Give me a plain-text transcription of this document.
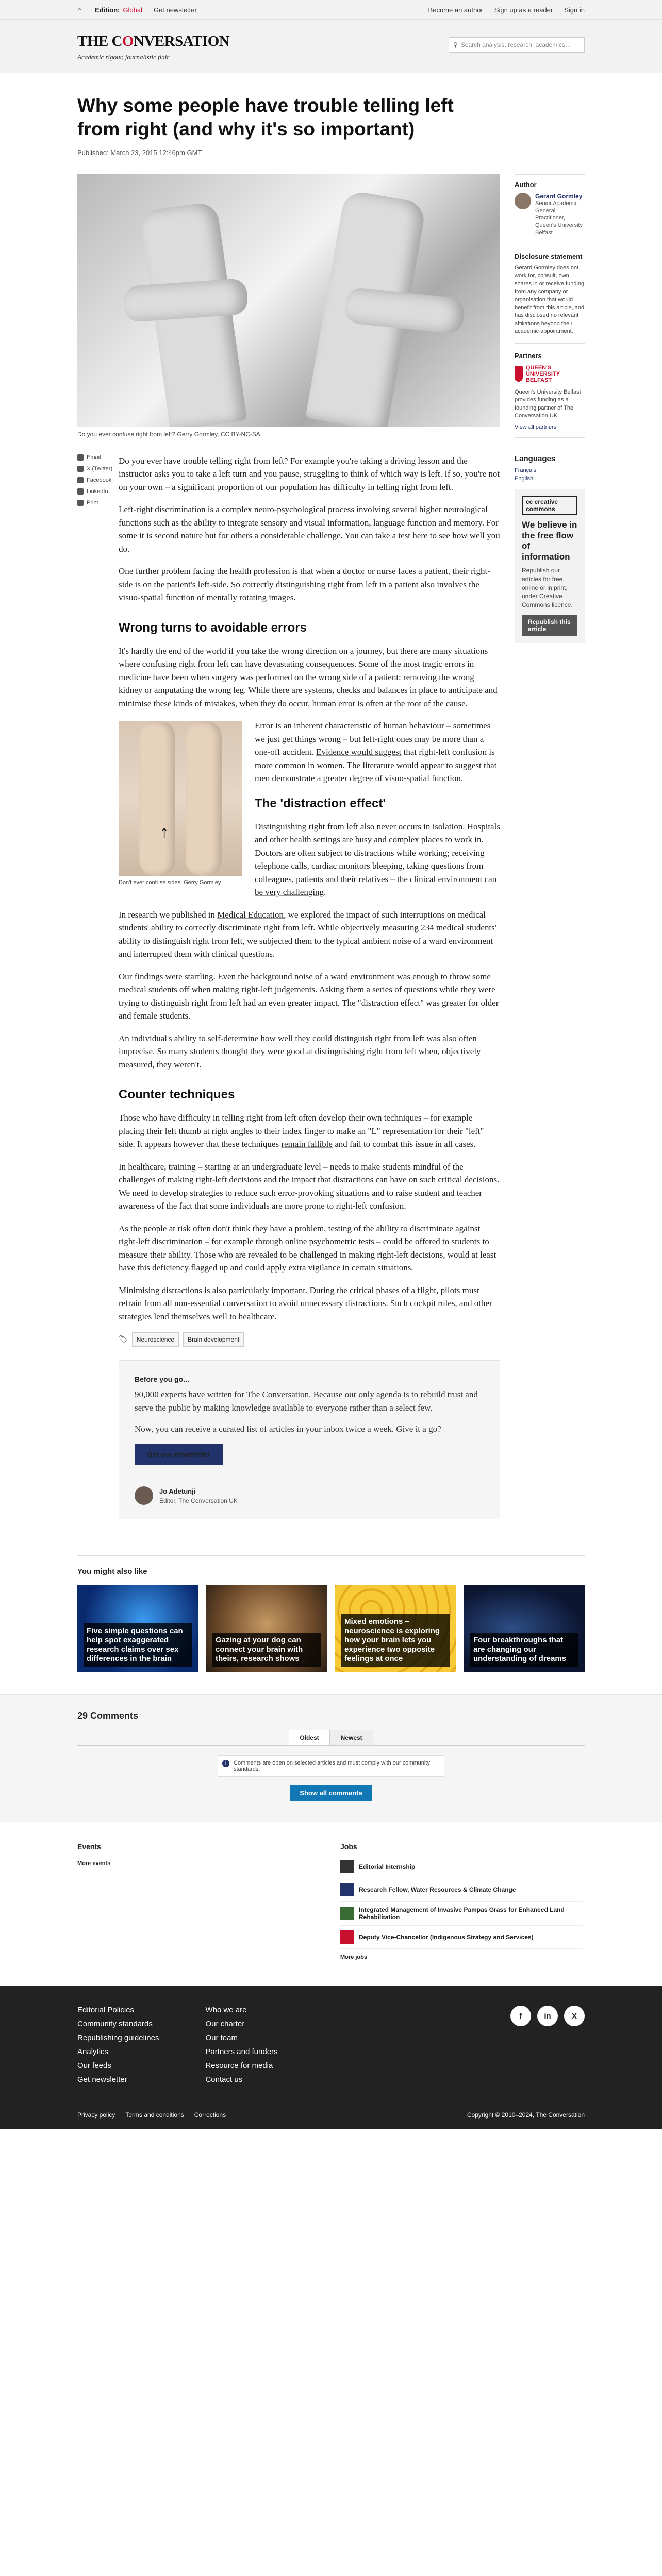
⌂	Edition: Global Get newsletter	Become an author Sign up as a reader Sign in
THE CONVERSATION
Academic rigour, journalistic flair
⚲ Search analysis, research, academics…
Why some people have trouble telling left from right (and why it's so important)
Published: March 23, 2015 12:46pm GMT
Do you ever confuse right from left? Gerry Gormley, CC BY-NC-SA
Email
X (Twitter)
Facebook
LinkedIn
Print

Do you ever have trouble telling right from left? For example you're taking a driving lesson and the instructor asks you to take a left turn and you pause, struggling to think of which way is left. If so, you're not on your own – a significant proportion of our population has difficulty in telling right from left.

Left-right discrimination is a complex neuro-psychological process involving several higher neurological functions such as the ability to integrate sensory and visual information, language function and memory. For some it is second nature but for others a considerable challenge. You can take a test here to see how well you do.

One further problem facing the health profession is that when a doctor or nurse faces a patient, their right-side is on the patient's left-side. So correctly distinguishing right from left in a patient also involves the visuo-spatial function of mentally rotating images.

Wrong turns to avoidable errors

It's hardly the end of the world if you take the wrong direction on a journey, but there are many situations where confusing right from left can have devastating consequences. Some of the most tragic errors in medicine have been when surgery was performed on the wrong side of a patient: removing the wrong kidney or amputating the wrong leg. While there are systems, checks and balances in place to anticipate and minimise these kinds of mistakes, when they do occur, human error is often at the root of the cause.

↑
Don't ever confuse sides. Gerry Gormley

Error is an inherent characteristic of human behaviour – sometimes we just get things wrong – but left-right ones may be more than a one-off accident. Evidence would suggest that right-left confusion is more common in women. The literature would appear to suggest that men demonstrate a greater degree of visuo-spatial function.

The 'distraction effect'

Distinguishing right from left also never occurs in isolation. Hospitals and other health settings are busy and complex places to work in. Doctors are often subject to distractions while working; receiving telephone calls, cardiac monitors bleeping, taking questions from colleagues, patients and their relatives – the clinical environment can be very challenging.

In research we published in Medical Education, we explored the impact of such interruptions on medical students' ability to correctly discriminate right from left. While objectively measuring 234 medical students' ability to distinguish right from left, we subjected them to the typical ambient noise of a ward environment and interrupted them with clinical questions.

Our findings were startling. Even the background noise of a ward environment was enough to throw some medical students off when making right-left judgements. Asking them a series of questions while they were trying to distinguish right from left had an even greater impact. The "distraction effect" was greater for older and female students.

An individual's ability to self-determine how well they could distinguish right from left was also often imprecise. So many students thought they were good at distinguishing right from left when, objectively measured, they weren't.

Counter techniques

Those who have difficulty in telling right from left often develop their own techniques – for example placing their left thumb at right angles to their index finger to make an "L" representation for their "left" side. It appears however that these techniques remain fallible and fail to combat this issue in all cases.

In healthcare, training – starting at an undergraduate level – needs to make students mindful of the challenges of making right-left decisions and the impact that distractions can have on such critical decisions. We need to develop strategies to reduce such error-provoking situations and to raise student and teacher awareness of the fact that some individuals are more prone to right-left confusion.

As the people at risk often don't think they have a problem, testing of the ability to discriminate against right-left discrimination – for example through online psychometric tests – could be offered to students to measure their ability. Those who are revealed to be challenged in making right-left decisions, would at least have this deficiency flagged up and could apply extra vigilance in certain situations.

Minimising distractions is also particularly important. During the critical phases of a flight, pilots must refrain from all non-essential conversation to avoid unnecessary distractions. Such cockpit rules, and other strategies lend themselves well to healthcare.

🏷	Neuroscience	Brain development
Before you go...

90,000 experts have written for The Conversation. Because our only agenda is to rebuild trust and serve the public by making knowledge available to everyone rather than a select few.

Now, you can receive a curated list of articles in your inbox twice a week. Give it a go?

Get our newsletter
Jo Adetunji
Editor, The Conversation UK
Author
Gerard Gormley
Senior Academic General Practitioner, Queen's University Belfast
Disclosure statement
Gerard Gormley does not work for, consult, own shares in or receive funding from any company or organisation that would benefit from this article, and has disclosed no relevant affiliations beyond their academic appointment.
Partners
QUEEN'S UNIVERSITY BELFAST
Queen's University Belfast provides funding as a founding partner of The Conversation UK.
View all partners
Languages
Français
English
cc creative commons
We believe in the free flow of information
Republish our articles for free, online or in print, under Creative Commons licence.
Republish this article
You might also like
Five simple questions can help spot exaggerated research claims over sex differences in the brain
Gazing at your dog can connect your brain with theirs, research shows
Mixed emotions – neuroscience is exploring how your brain lets you experience two opposite feelings at once
Four breakthroughs that are changing our understanding of dreams
29 Comments
Oldest	Newest
i	Comments are open on selected articles and must comply with our community standards.
Show all comments
Events
More events
Jobs
Editorial Internship
Research Fellow, Water Resources & Climate Change
Integrated Management of Invasive Pampas Grass for Enhanced Land Rehabilitation
Deputy Vice-Chancellor (Indigenous Strategy and Services)
More jobs
Editorial Policies
Community standards
Republishing guidelines
Analytics
Our feeds
Get newsletter
Who we are
Our charter
Our team
Partners and funders
Resource for media
Contact us
f	in	X
Privacy policy Terms and conditions Corrections	Copyright © 2010–2024, The Conversation
